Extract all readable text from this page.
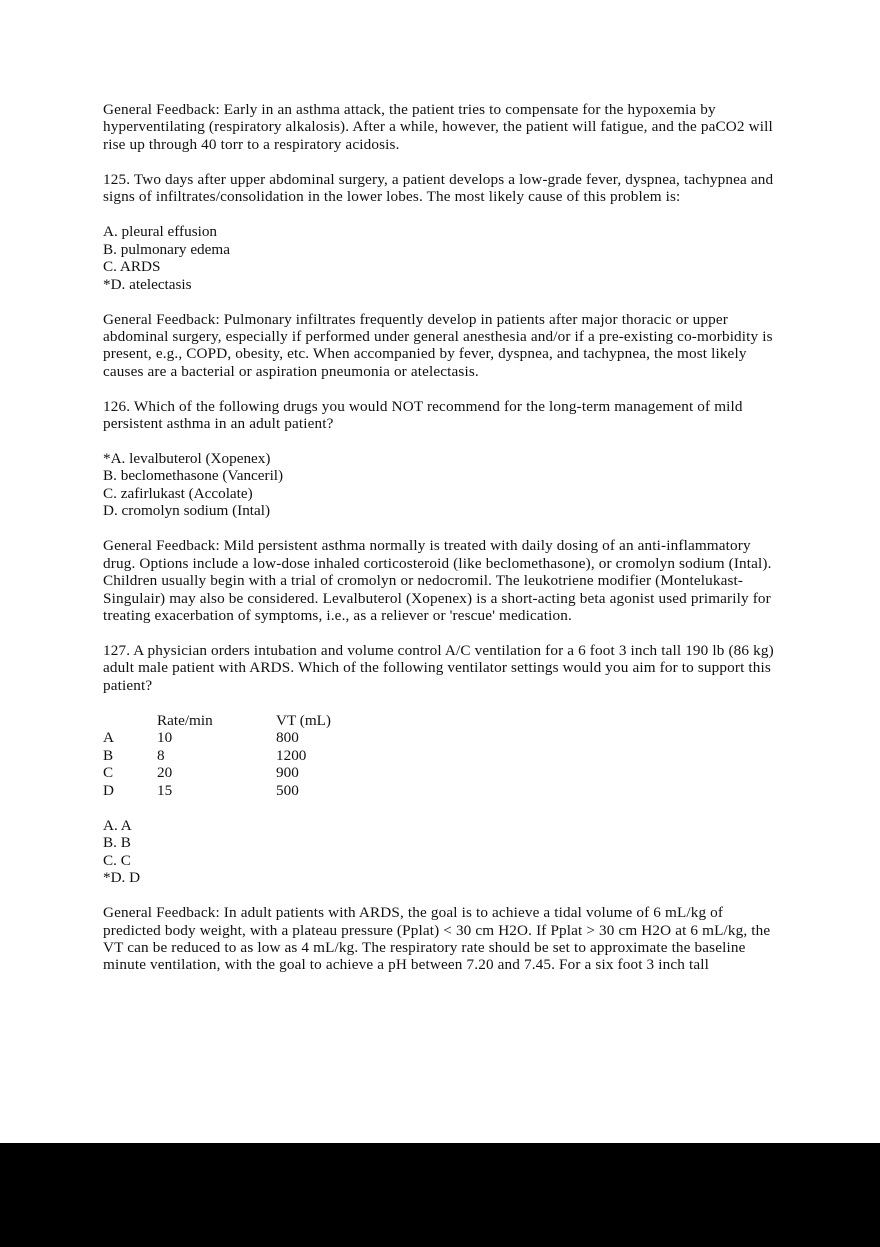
General Feedback: Early in an asthma attack, the patient tries to compensate for the hypoxemia by hyperventilating (respiratory alkalosis). After a while, however, the patient will fatigue, and the paCO2 will rise up through 40 torr to a respiratory acidosis.

125. Two days after upper abdominal surgery, a patient develops a low-grade fever, dyspnea, tachypnea and signs of infiltrates/consolidation in the lower lobes. The most likely cause of this problem is:

A. pleural effusion
B. pulmonary edema
C. ARDS
*D. atelectasis

General Feedback: Pulmonary infiltrates frequently develop in patients after major thoracic or upper abdominal surgery, especially if performed under general anesthesia and/or if a pre-existing co-morbidity is present, e.g., COPD, obesity, etc. When accompanied by fever, dyspnea, and tachypnea, the most likely causes are a bacterial or aspiration pneumonia or atelectasis.

126. Which of the following drugs you would NOT recommend for the long-term management of mild persistent asthma in an adult patient?

*A. levalbuterol (Xopenex)
B. beclomethasone (Vanceril)
C. zafirlukast (Accolate)
D. cromolyn sodium (Intal)

General Feedback: Mild persistent asthma normally is treated with daily dosing of an anti-inflammatory drug. Options include a low-dose inhaled corticosteroid (like beclomethasone), or cromolyn sodium (Intal). Children usually begin with a trial of cromolyn or nedocromil. The leukotriene modifier (Montelukast-Singulair) may also be considered. Levalbuterol (Xopenex) is a short-acting beta agonist used primarily for treating exacerbation of symptoms, i.e., as a reliever or 'rescue' medication.

127. A physician orders intubation and volume control A/C ventilation for a 6 foot 3 inch tall 190 lb (86 kg) adult male patient with ARDS. Which of the following ventilator settings would you aim for to support this patient?

	Rate/min	VT (mL)
A	10	800
B	8	1200
C	20	900
D	15	500
A. A
B. B
C. C
*D. D

General Feedback: In adult patients with ARDS, the goal is to achieve a tidal volume of 6 mL/kg of predicted body weight, with a plateau pressure (Pplat) < 30 cm H2O. If Pplat > 30 cm H2O at 6 mL/kg, the VT can be reduced to as low as 4 mL/kg. The respiratory rate should be set to approximate the baseline minute ventilation, with the goal to achieve a pH between 7.20 and 7.45. For a six foot 3 inch tall
